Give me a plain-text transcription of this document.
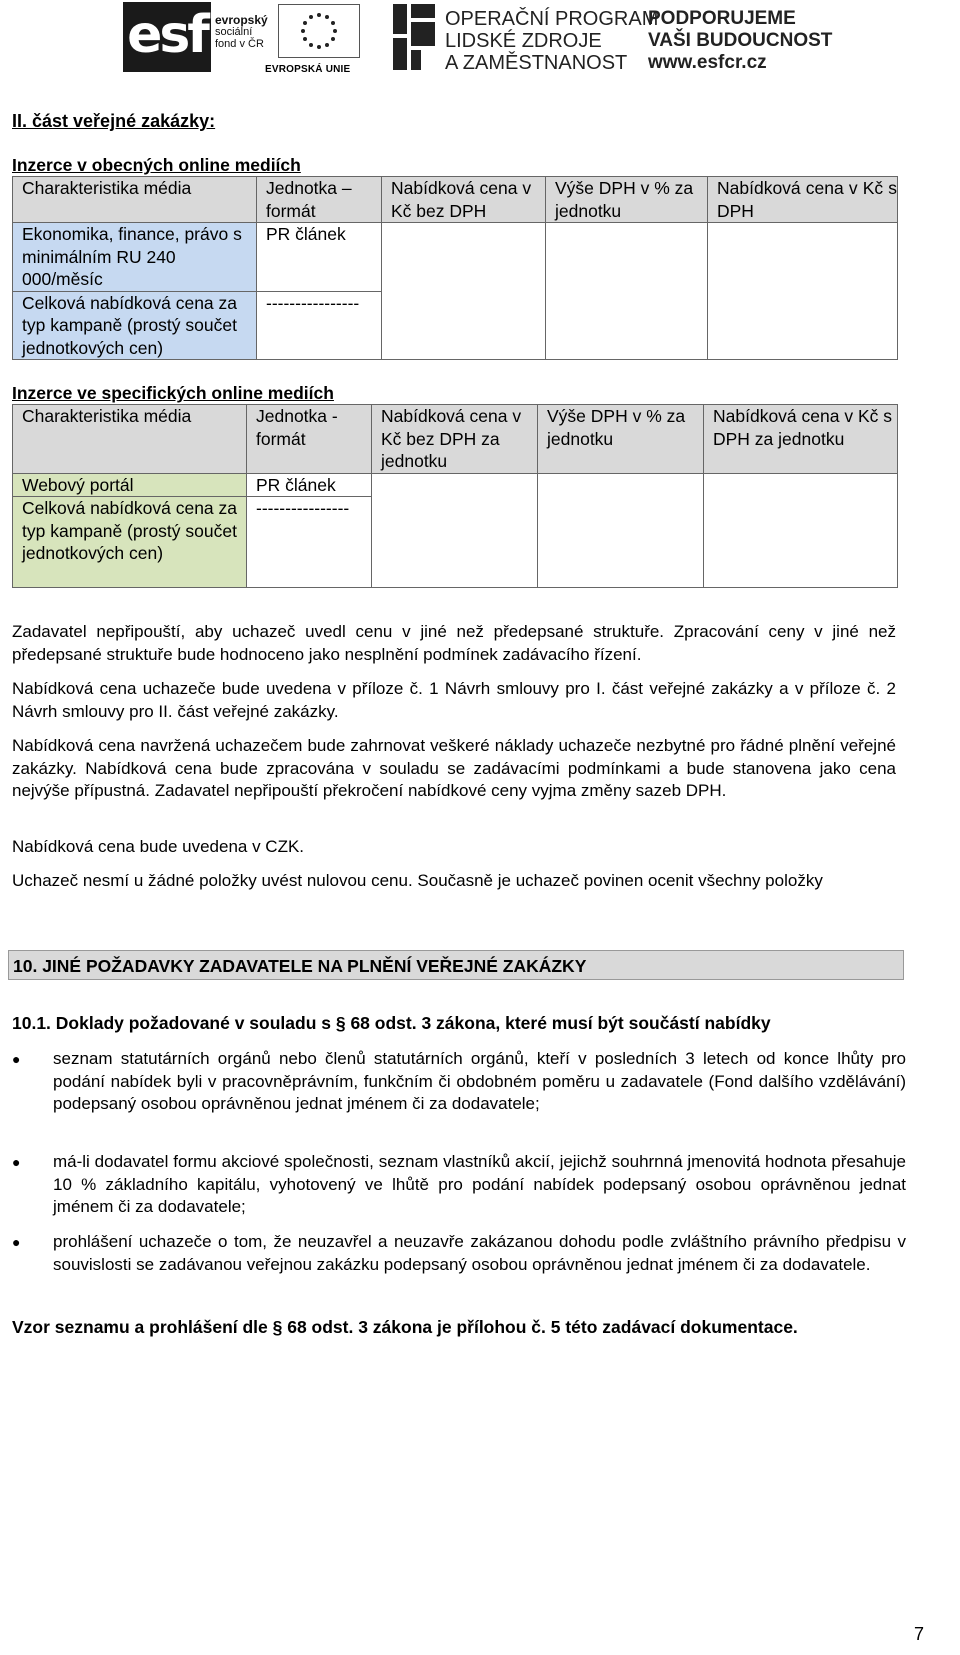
esf evropský
sociální
fond v ČR
EVROPSKÁ UNIE
OPERAČNÍ PROGRAM
LIDSKÉ ZDROJE
A ZAMĚSTNANOST
PODPORUJEME
VAŠI BUDOUCNOST
www.esfcr.cz
II. část veřejné zakázky:
Inzerce v obecných online mediích
Charakteristika média	Jednotka – formát	Nabídková cena v Kč bez DPH	Výše DPH v % za jednotku	Nabídková cena v Kč s DPH
Ekonomika, finance, právo s minimálním RU 240 000/měsíc	PR článek			
Celková nabídková cena za typ kampaně (prostý součet jednotkových cen)	----------------			
Inzerce ve specifických online mediích
Charakteristika média	Jednotka - formát	Nabídková cena v Kč bez DPH za jednotku	Výše DPH v % za jednotku	Nabídková cena v Kč s DPH za jednotku
Webový portál	PR článek			
Celková nabídková cena za typ kampaně (prostý součet jednotkových cen)	----------------			
Zadavatel nepřipouští, aby uchazeč uvedl cenu v jiné než předepsané struktuře. Zpracování ceny v jiné než předepsané struktuře bude hodnoceno jako nesplnění podmínek zadávacího řízení.
Nabídková cena uchazeče bude uvedena v příloze č. 1 Návrh smlouvy pro I. část veřejné zakázky a v příloze č. 2 Návrh smlouvy pro II. část veřejné zakázky.
Nabídková cena navržená uchazečem bude zahrnovat veškeré náklady uchazeče nezbytné pro řádné plnění veřejné zakázky. Nabídková cena bude zpracována v souladu se zadávacími podmínkami a bude stanovena jako cena nejvýše přípustná. Zadavatel nepřipouští překročení nabídkové ceny vyjma změny sazeb DPH.
Nabídková cena bude uvedena v CZK.
Uchazeč nesmí u žádné položky uvést nulovou cenu. Současně je uchazeč povinen ocenit všechny položky
10. JINÉ POŽADAVKY ZADAVATELE NA PLNĚNÍ VEŘEJNÉ ZAKÁZKY
10.1. Doklady požadované v souladu s § 68 odst. 3 zákona, které musí být součástí nabídky
● seznam statutárních orgánů nebo členů statutárních orgánů, kteří v posledních 3 letech od konce lhůty pro podání nabídek byli v pracovněprávním, funkčním či obdobném poměru u zadavatele (Fond dalšího vzdělávání) podepsaný osobou oprávněnou jednat jménem či za dodavatele;
● má-li dodavatel formu akciové společnosti, seznam vlastníků akcií, jejichž souhrnná jmenovitá hodnota přesahuje 10 % základního kapitálu, vyhotovený ve lhůtě pro podání nabídek podepsaný osobou oprávněnou jednat jménem či za dodavatele;
● prohlášení uchazeče o tom, že neuzavřel a neuzavře zakázanou dohodu podle zvláštního právního předpisu v souvislosti se zadávanou veřejnou zakázku podepsaný osobou oprávněnou jednat jménem či za dodavatele.
Vzor seznamu a prohlášení dle § 68 odst. 3 zákona je přílohou č. 5 této zadávací dokumentace.
7
